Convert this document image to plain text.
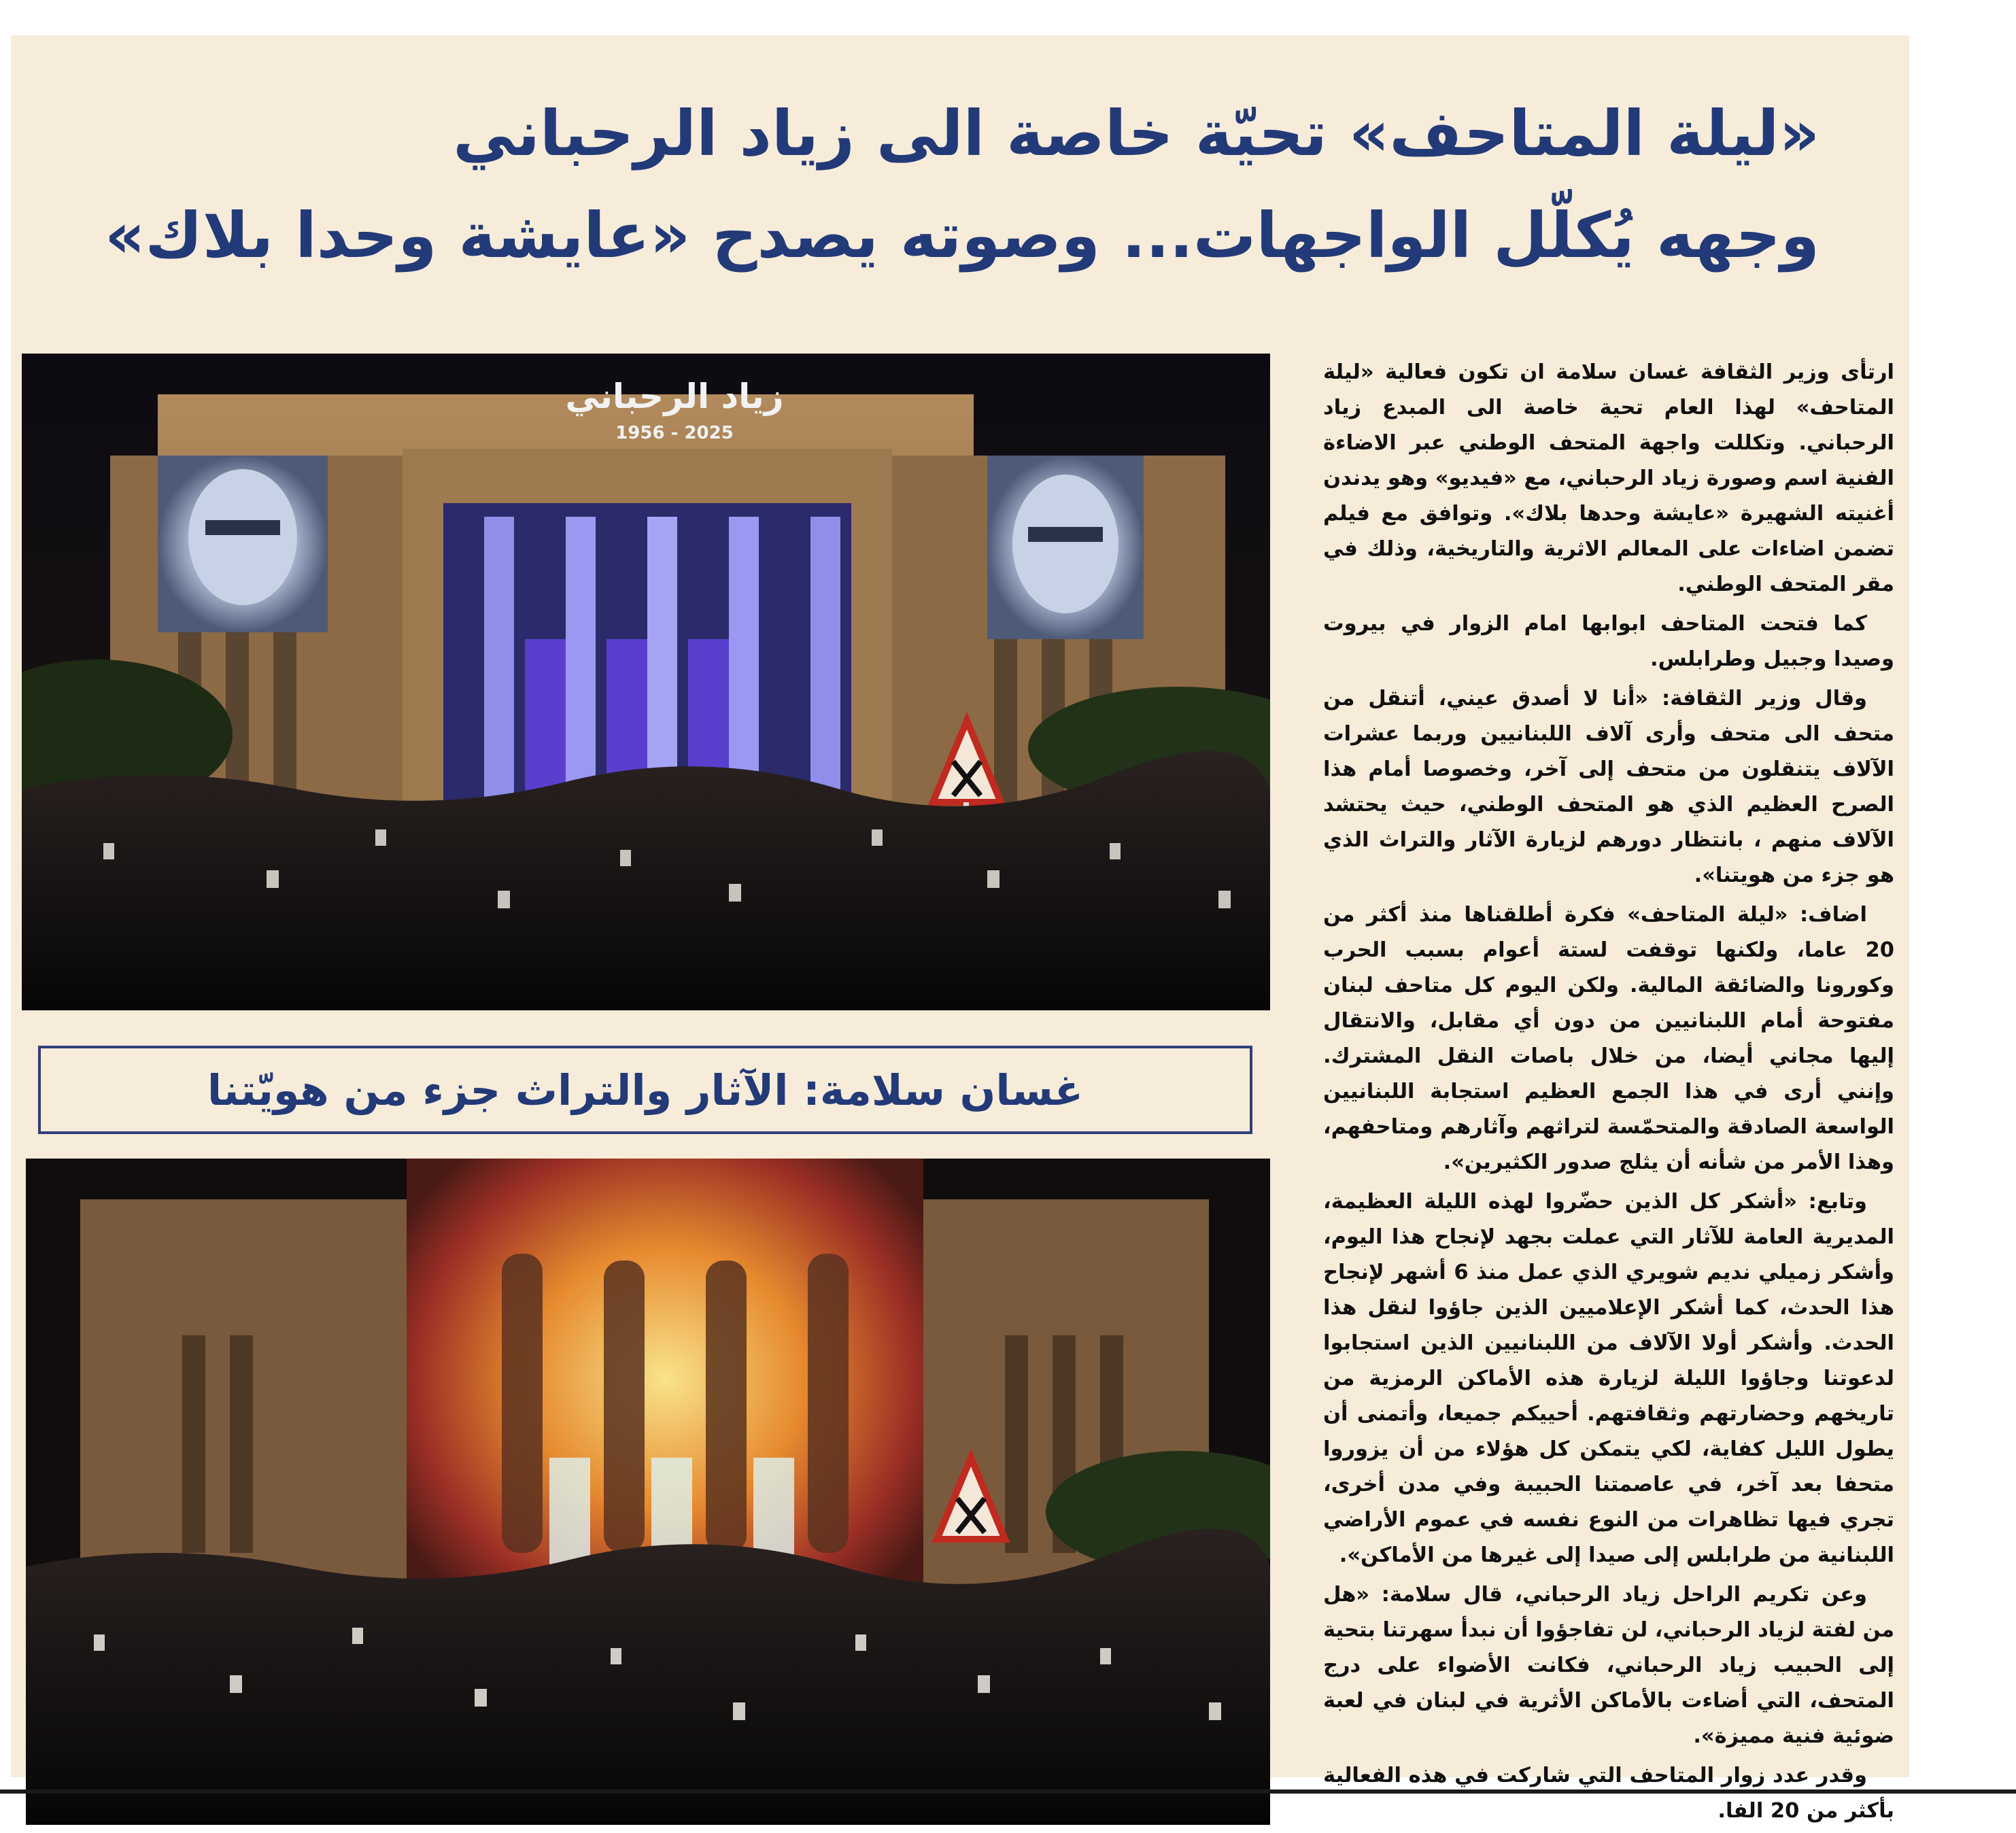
«ليلة المتاحف» تحيّة خاصة الى زياد الرحباني
وجهه يُكلّل الواجهات... وصوته يصدح «عايشة وحدا بلاك»
زياد الرحباني
1956 - 2025
غسان سلامة: الآثار والتراث جزء من هويّتنا

ارتأى وزير الثقافة غسان سلامة ان تكون فعالية «ليلة المتاحف» لهذا العام تحية خاصة الى المبدع زياد الرحباني. وتكللت واجهة المتحف الوطني عبر الاضاءة الفنية اسم وصورة زياد الرحباني، مع «فيديو» وهو يدندن أغنيته الشهيرة «عايشة وحدها بلاك». وتوافق مع فيلم تضمن اضاءات على المعالم الاثرية والتاريخية، وذلك في مقر المتحف الوطني.

كما فتحت المتاحف ابوابها امام الزوار في بيروت وصيدا وجبيل وطرابلس.

وقال وزير الثقافة: «أنا لا أصدق عيني، أتنقل من متحف الى متحف وأرى آلاف اللبنانيين وربما عشرات الآلاف يتنقلون من متحف إلى آخر، وخصوصا أمام هذا الصرح العظيم الذي هو المتحف الوطني، حيث يحتشد الآلاف منهم ، بانتظار دورهم لزيارة الآثار والتراث الذي هو جزء من هويتنا».

اضاف: «ليلة المتاحف» فكرة أطلقناها منذ أكثر من 20 عاما، ولكنها توقفت لستة أعوام بسبب الحرب وكورونا والضائقة المالية. ولكن اليوم كل متاحف لبنان مفتوحة أمام اللبنانيين من دون أي مقابل، والانتقال إليها مجاني أيضا، من خلال باصات النقل المشترك. وإنني أرى في هذا الجمع العظيم استجابة اللبنانيين الواسعة الصادقة والمتحمّسة لتراثهم وآثارهم ومتاحفهم، وهذا الأمر من شأنه أن يثلج صدور الكثيرين».

وتابع: «أشكر كل الذين حضّروا لهذه الليلة العظيمة، المديرية العامة للآثار التي عملت بجهد لإنجاح هذا اليوم، وأشكر زميلي نديم شويري الذي عمل منذ 6 أشهر لإنجاح هذا الحدث، كما أشكر الإعلاميين الذين جاؤوا لنقل هذا الحدث. وأشكر أولا الآلاف من اللبنانيين الذين استجابوا لدعوتنا وجاؤوا الليلة لزيارة هذه الأماكن الرمزية من تاريخهم وحضارتهم وثقافتهم. أحييكم جميعا، وأتمنى أن يطول الليل كفاية، لكي يتمكن كل هؤلاء من أن يزوروا متحفا بعد آخر، في عاصمتنا الحبيبة وفي مدن أخرى، تجري فيها تظاهرات من النوع نفسه في عموم الأراضي اللبنانية من طرابلس إلى صيدا إلى غيرها من الأماكن».

وعن تكريم الراحل زياد الرحباني، قال سلامة: «هل من لفتة لزياد الرحباني، لن تفاجؤوا أن نبدأ سهرتنا بتحية إلى الحبيب زياد الرحباني، فكانت الأضواء على درج المتحف، التي أضاءت بالأماكن الأثرية في لبنان في لعبة ضوئية فنية مميزة».

وقدر عدد زوار المتاحف التي شاركت في هذه الفعالية بأكثر من 20 الفا.
